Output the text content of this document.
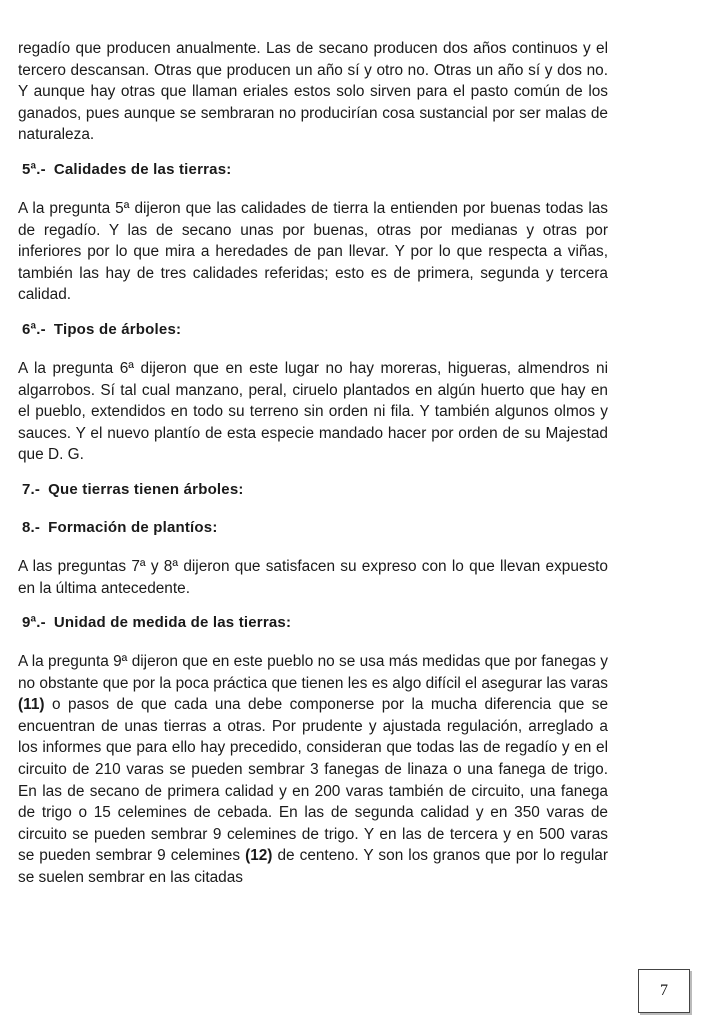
regadío que producen anualmente. Las de secano producen dos años continuos y el tercero descansan. Otras que producen un año sí y otro no. Otras un año sí y dos no. Y aunque hay otras que llaman eriales estos solo sirven para el pasto común de los ganados, pues aunque se sembraran no producirían cosa sustancial por ser malas de naturaleza.

5ª.- Calidades de las tierras:

A la pregunta 5ª dijeron que las calidades de tierra la entienden por buenas todas las de regadío. Y las de secano unas por buenas, otras por medianas y otras por inferiores por lo que mira a heredades de pan llevar. Y por lo que respecta a viñas, también las hay de tres calidades referidas; esto es de primera, segunda y tercera calidad.

6ª.- Tipos de árboles:

A la pregunta 6ª dijeron que en este lugar no hay moreras, higueras, almendros ni algarrobos. Sí tal cual manzano, peral, ciruelo plantados en algún huerto que hay en el pueblo, extendidos en todo su terreno sin orden ni fila. Y también algunos olmos y sauces. Y el nuevo plantío de esta especie mandado hacer por orden de su Majestad que D. G.

7.- Que tierras tienen árboles:
8.- Formación de plantíos:

A las preguntas 7ª y 8ª dijeron que satisfacen su expreso con lo que llevan expuesto en la última antecedente.

9ª.- Unidad de medida de las tierras:

A la pregunta 9ª dijeron que en este pueblo no se usa más medidas que por fanegas y no obstante que por la poca práctica que tienen les es algo difícil el asegurar las varas (11) o pasos de que cada una debe componerse por la mucha diferencia que se encuentran de unas tierras a otras. Por prudente y ajustada regulación, arreglado a los informes que para ello hay precedido, consideran que todas las de regadío y en el circuito de 210 varas se pueden sembrar 3 fanegas de linaza o una fanega de trigo. En las de secano de primera calidad y en 200 varas también de circuito, una fanega de trigo o 15 celemines de cebada. En las de segunda calidad y en 350 varas de circuito se pueden sembrar 9 celemines de trigo. Y en las de tercera y en 500 varas se pueden sembrar 9 celemines (12) de centeno. Y son los granos que por lo regular se suelen sembrar en las citadas

7
